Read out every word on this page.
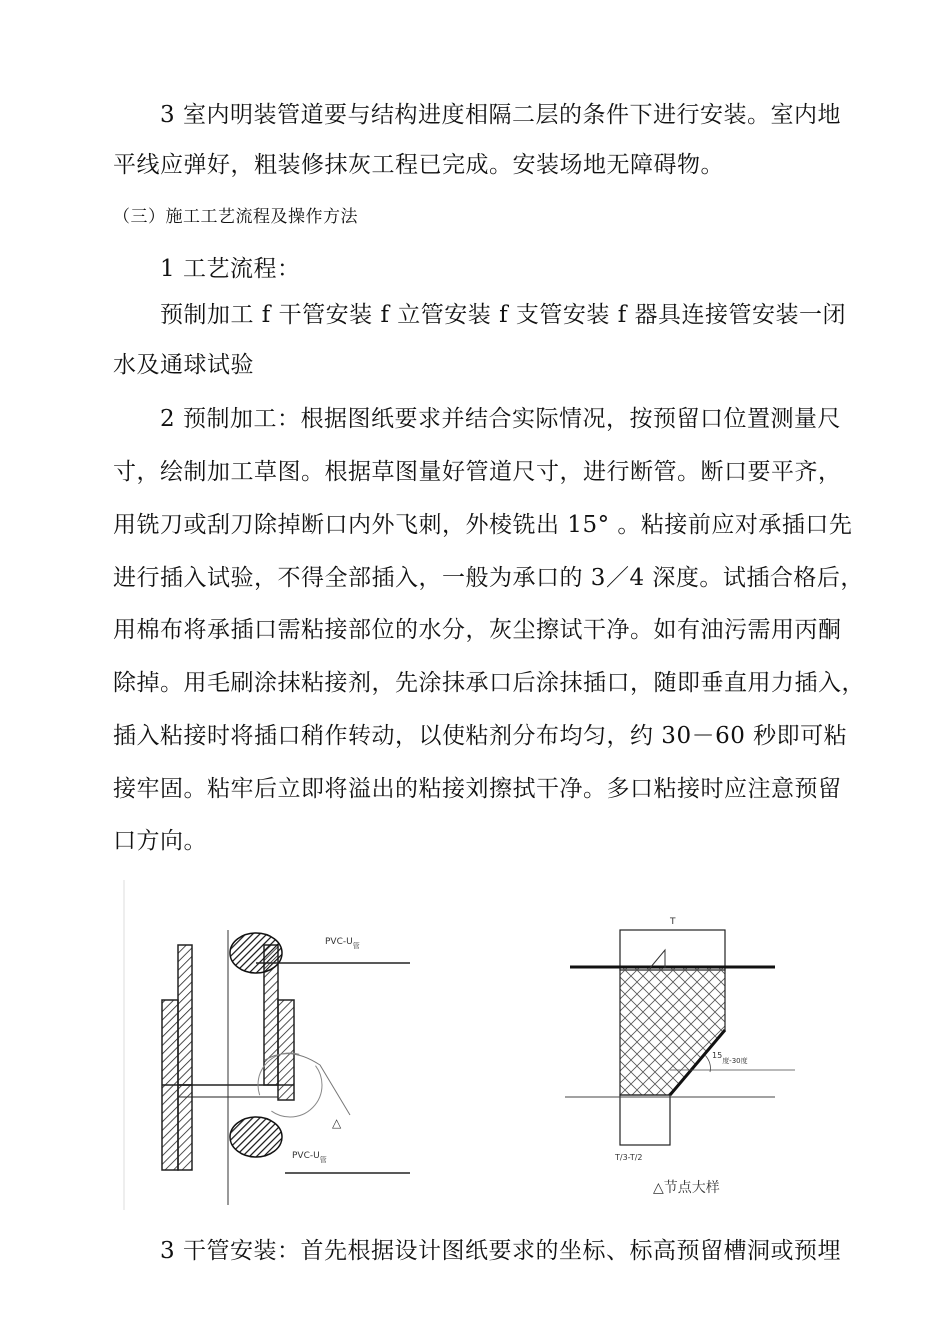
3 室内明装管道要与结构进度相隔二层的条件下进行安装。室内地
平线应弹好，粗装修抹灰工程已完成。安装场地无障碍物。
（三）施工工艺流程及操作方法
1 工艺流程：
预制加工 f 干管安装 f 立管安装 f 支管安装 f 器具连接管安装一闭
水及通球试验
2 预制加工：根据图纸要求并结合实际情况，按预留口位置测量尺
寸，绘制加工草图。根据草图量好管道尺寸，进行断管。断口要平齐，
用铣刀或刮刀除掉断口内外飞刺，外棱铣出 15° 。粘接前应对承插口先
进行插入试验，不得全部插入，一般为承口的 3／4 深度。试插合格后，
用棉布将承插口需粘接部位的水分，灰尘擦试干净。如有油污需用丙酮
除掉。用毛刷涂抹粘接剂，先涂抹承口后涂抹插口，随即垂直用力插入，
插入粘接时将插口稍作转动，以使粘剂分布均匀，约 30－60 秒即可粘
接牢固。粘牢后立即将溢出的粘接刘擦拭干净。多口粘接时应注意预留
口方向。
PVC-$U_管$
PVC-$U_管$
△
T
15度-30度
T/3-T/2
△节点大样
3 干管安装：首先根据设计图纸要求的坐标、标高预留槽洞或预埋
